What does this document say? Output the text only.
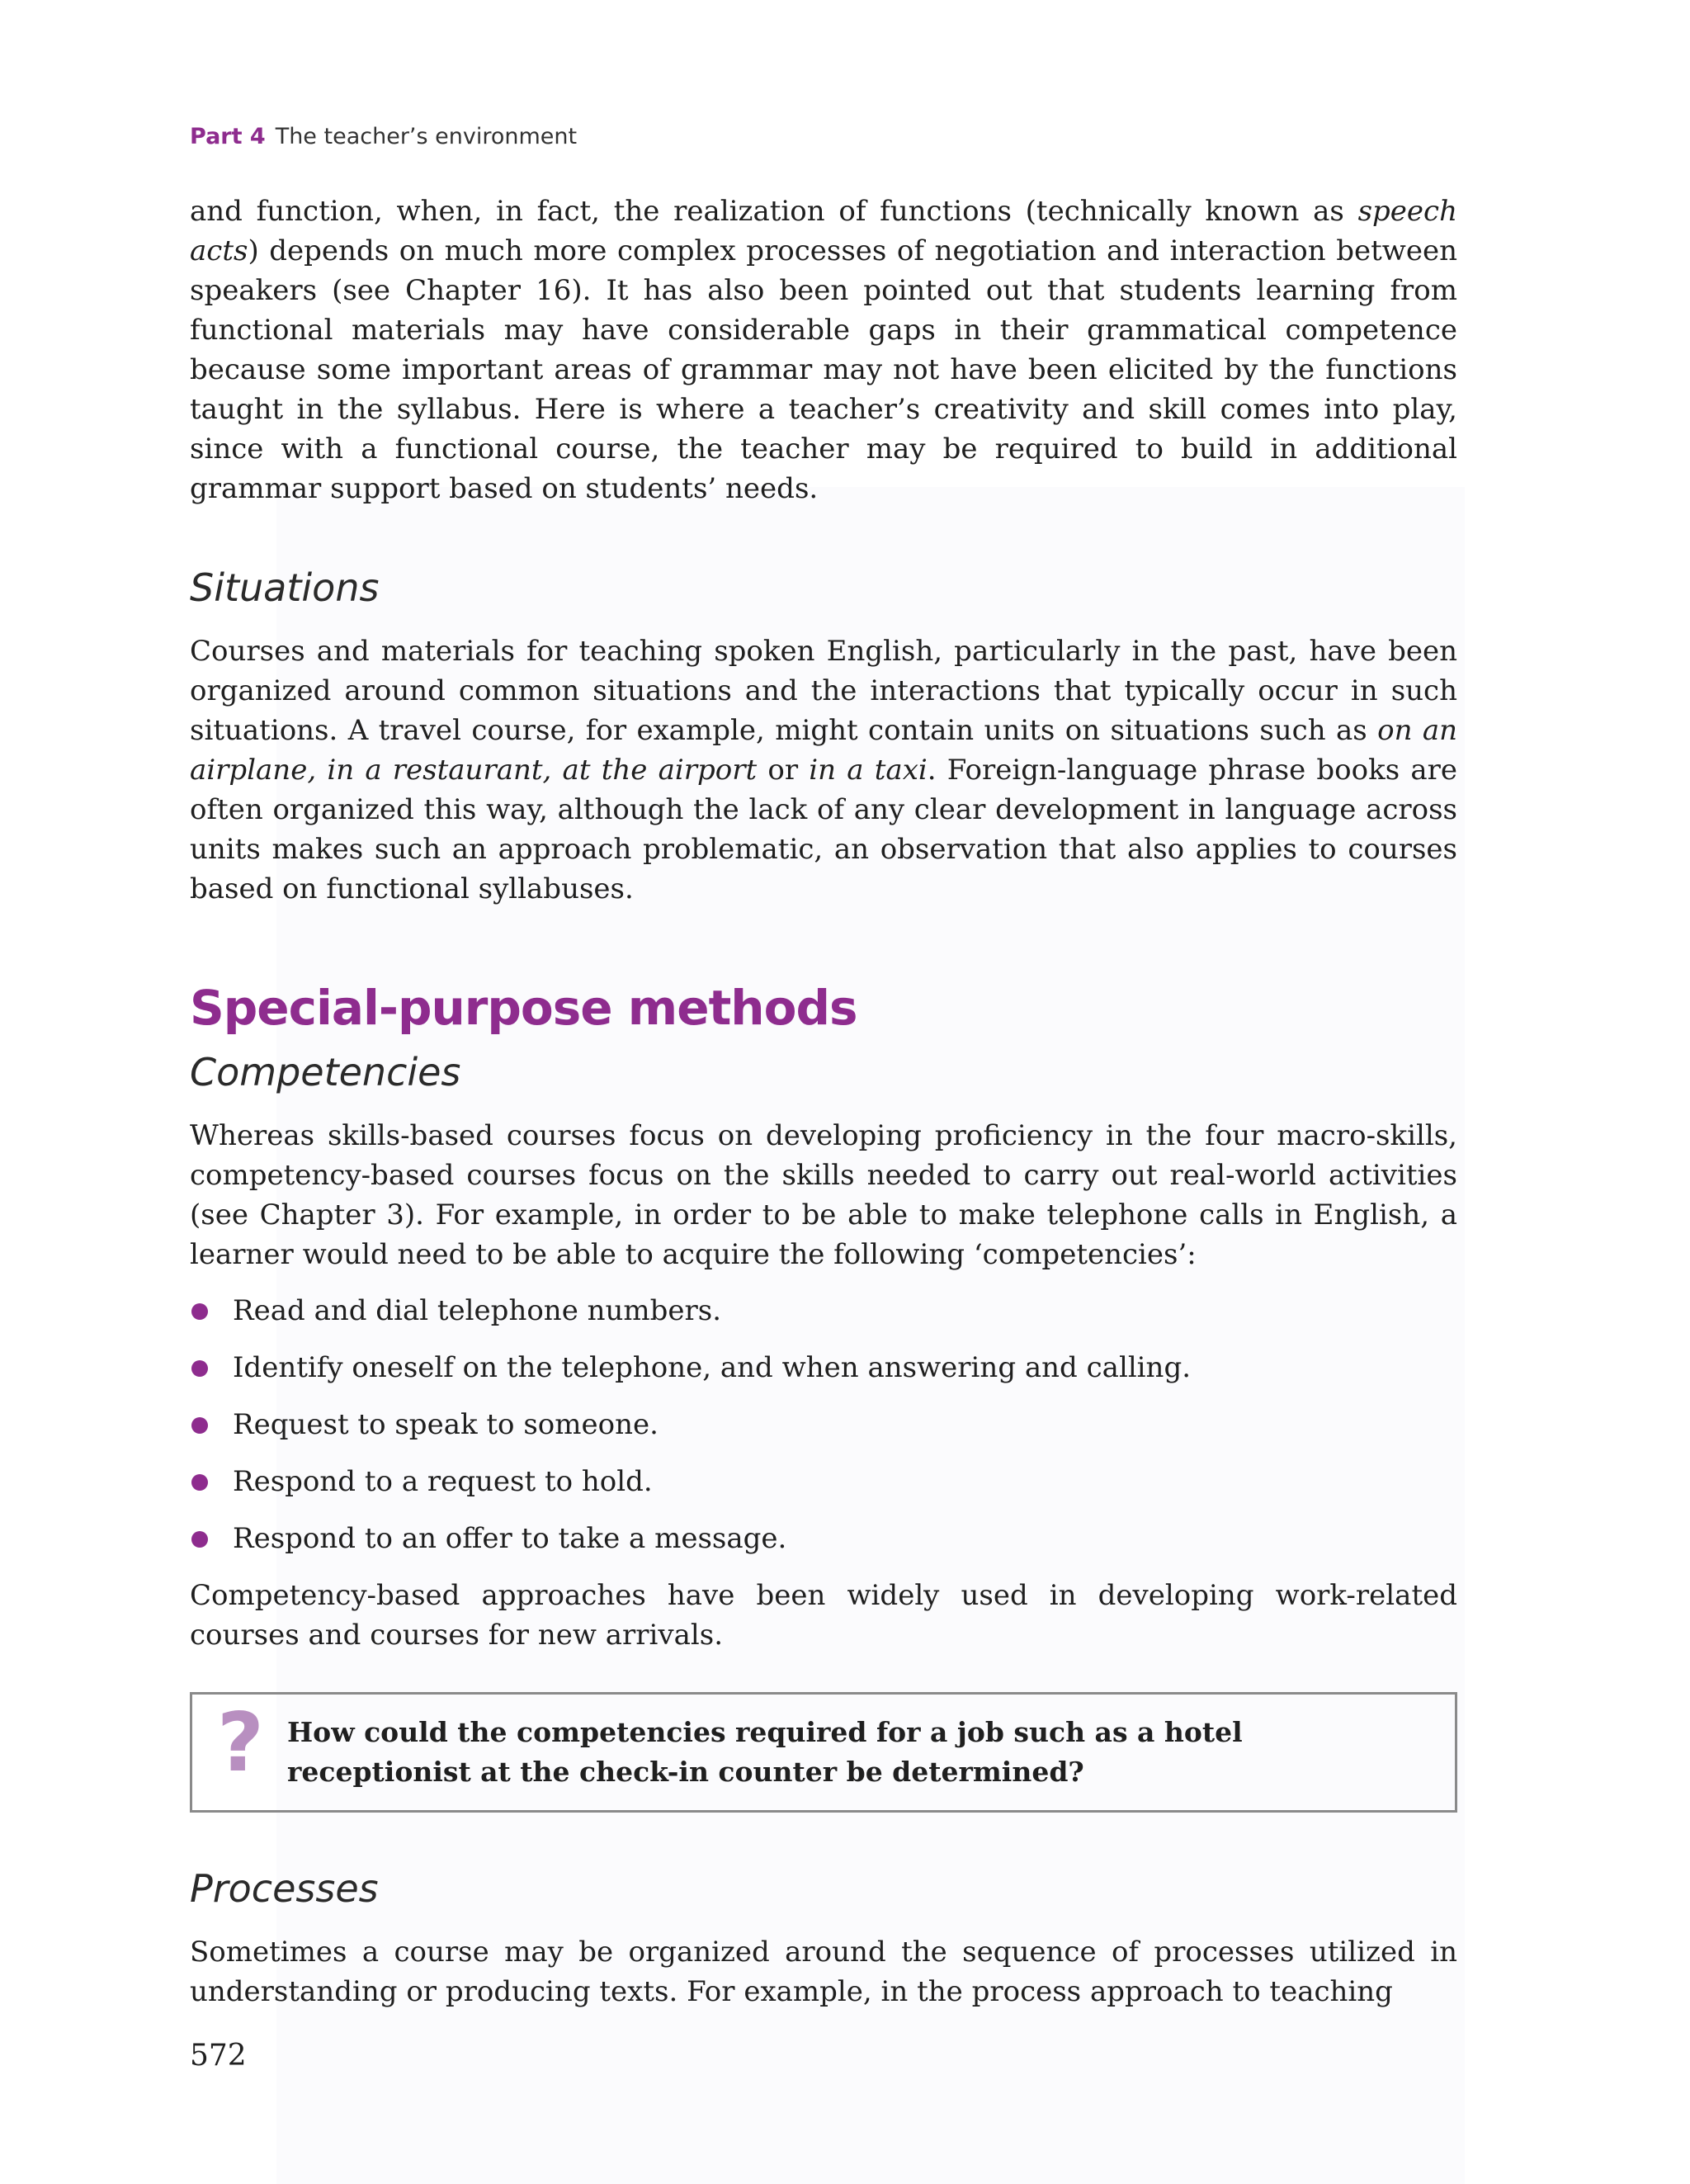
Part 4 The teacher’s environment

and function, when, in fact, the realization of functions (technically known as speech acts) depends on much more complex processes of negotiation and interaction between speakers (see Chapter 16). It has also been pointed out that students learning from functional materials may have considerable gaps in their grammatical competence because some important areas of grammar may not have been elicited by the functions taught in the syllabus. Here is where a teacher’s creativity and skill comes into play, since with a functional course, the teacher may be required to build in additional grammar support based on students’ needs.

Situations

Courses and materials for teaching spoken English, particularly in the past, have been organized around common situations and the interactions that typically occur in such situations. A travel course, for example, might contain units on situations such as on an airplane, in a restaurant, at the airport or in a taxi. Foreign-language phrase books are often organized this way, although the lack of any clear development in language across units makes such an approach problematic, an observation that also applies to courses based on functional syllabuses.

Special-purpose methods
Competencies

Whereas skills-based courses focus on developing proficiency in the four macro-skills, competency-based courses focus on the skills needed to carry out real-world activities (see Chapter 3). For example, in order to be able to make telephone calls in English, a learner would need to be able to acquire the following ‘competencies’:

Read and dial telephone numbers.
Identify oneself on the telephone, and when answering and calling.
Request to speak to someone.
Respond to a request to hold.
Respond to an offer to take a message.

Competency-based approaches have been widely used in developing work-related courses and courses for new arrivals.

? How could the competencies required for a job such as a hotel receptionist at the check-in counter be determined?

Processes

Sometimes a course may be organized around the sequence of processes utilized in understanding or producing texts. For example, in the process approach to teaching

572
